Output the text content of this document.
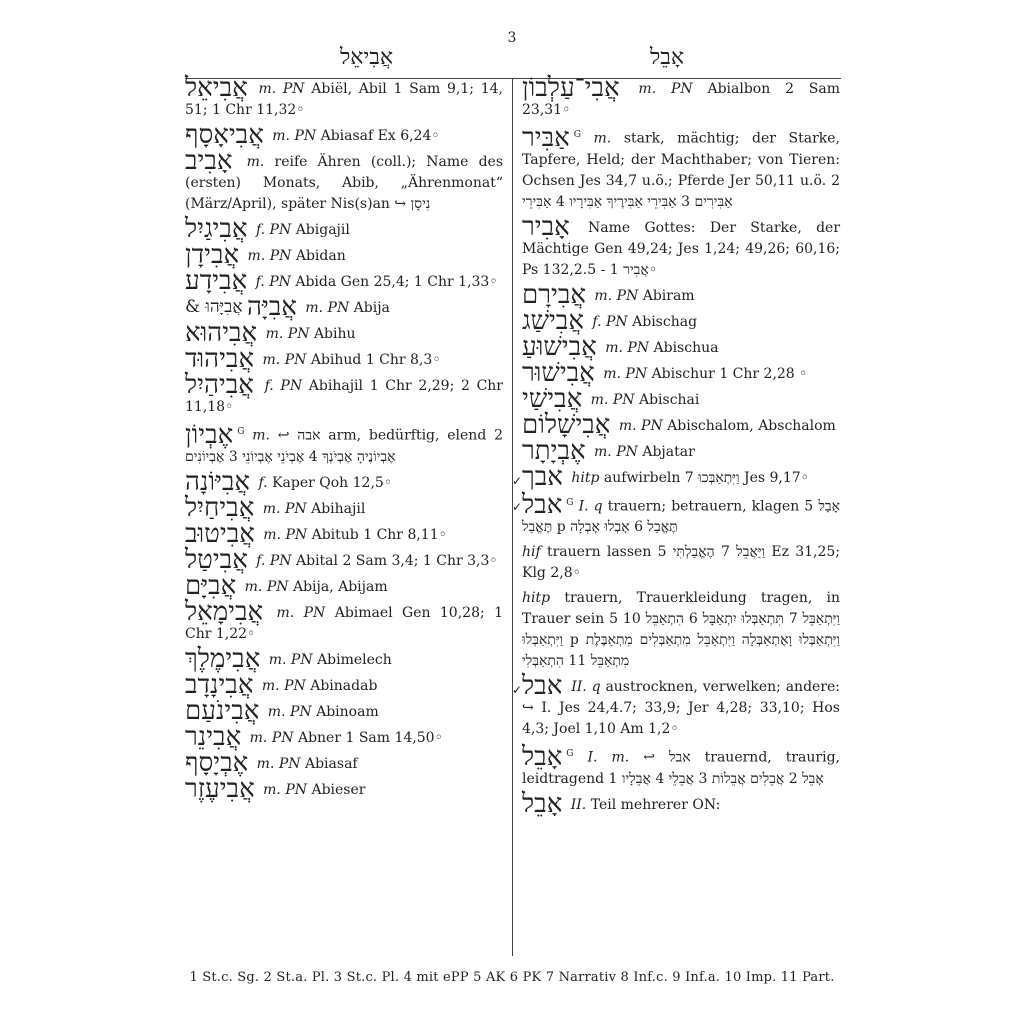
3
אֲבִיאֵל	אָבֵל

אֲבִיאֵל m. PN Abiël, Abil 1 Sam 9,1; 14, 51; 1 Chr 11,32◦

אֲבִיאָסָף m. PN Abiasaf Ex 6,24◦

אָבִיב m. reife Ähren (coll.); Name des (ersten) Monats, Abib, „Ährenmonat“ (März/April), später Nis(s)an ↪ נִיסָן

אֲבִיגַיִל f. PN Abigajil

אֲבִידָן m. PN Abidan

אֲבִידָע f. PN Abida Gen 25,4; 1 Chr 1,33◦

אֲבִיָּהוּ & אֲבִיָּה m. PN Abija

אֲבִיהוּא m. PN Abihu

אֲבִיהוּד m. PN Abihud 1 Chr 8,3◦

אֲבִיהַיִל f. PN Abihajil 1 Chr 2,29; 2 Chr 11,18◦

אֶבְיוֹן $^G$ m. ↩ אבה arm, bedürftig, elend 2 אֶבְיוֹנֶיהָ אֶבְיֹנְךָ 4 אֶבְיֹנֵי אֶבְיוֹנֵי 3 אֶבְיוֹנִים

אֲבִיּוֹנָה f. Kaper Qoh 12,5◦

אֲבִיחַיִל m. PN Abihajil

אֲבִיטוּב m. PN Abitub 1 Chr 8,11◦

אֲבִיטַל f. PN Abital 2 Sam 3,4; 1 Chr 3,3◦

אֲבִיָּם m. PN Abija, Abijam

אֲבִימָאֵל m. PN Abimael Gen 10,28; 1 Chr 1,22◦

אֲבִימֶלֶךְ m. PN Abimelech

אֲבִינָדָב m. PN Abinadab

אֲבִינֹעַם m. PN Abinoam

אֲבִינֵר m. PN Abner 1 Sam 14,50◦

אֶבְיָסָף m. PN Abiasaf

אֲבִיעֶזֶר m. PN Abieser

אֲבִי־עַלְבוֹן m. PN Abialbon 2 Sam 23,31◦

אַבִּיר $^G$ m. stark, mächtig; der Starke, Tapfere, Held; der Machthaber; von Tieren: Ochsen Jes 34,7 u.ö.; Pferde Jer 50,11 u.ö. 2 אַבִּירִים 3 אַבִּירֵי אַבִּירֶיךָ אַבִּירָיו 4 אַבִּירֵי

אָבִיר Name Gottes: Der Starke, der Mächtige Gen 49,24; Jes 1,24; 49,26; 60,16; Ps 132,2.5 - 1 אֲבִיר◦

אֲבִירָם m. PN Abiram

אֲבִישַׁג f. PN Abischag

אֲבִישׁוּעַ m. PN Abischua

אֲבִישׁוּר m. PN Abischur 1 Chr 2,28 ◦

אֲבִישַׁי m. PN Abischai

אֲבִישָׁלוֹם m. PN Abischalom, Abschalom

אֶבְיָתָר m. PN Abjatar

✓ אבך hitp aufwirbeln 7 וַיִּתְאַבְּכוּ Jes 9,17◦

✓ אבל $^G$ I. q trauern; betrauern, klagen 5 אָבַל תֶּאֱבַל p תֶּאֱבַל 6 אָבְלוּ אָבְלָה

hif trauern lassen 5 וַיַּאֲבֵל 7 הֶאֱבַלְתִּי Ez 31,25; Klg 2,8◦

hitp trauern, Trauerkleidung tragen, in Trauer sein 5 וַיִּתְאַבֵּל 7 תִּתְאַבְּלוּ יִתְאַבָּל 6 הִתְאַבֵּל 10 וַיִּתְאַבְּלוּ p וַיִּתְאַבְּלוּ וָאֶתְאַבְּלָה וַיִּתְאַבֵּל מִתְאַבְּלִים מִתְאַבֶּלֶת מִתְאַבֵּל 11 הִתְאַבְּלִי

✓ אבל II. q austrocknen, verwelken; andere: ↪ I. Jes 24,4.7; 33,9; Jer 4,28; 33,10; Hos 4,3; Joel 1,10 Am 1,2◦

אָבֵל $^G$ I. m. ↩ אבל trauernd, traurig, leidtragend 1 אָבֵל 2 אֲבֵלִים אֲבֵלוֹת 3 אֲבֵלֵי 4 אֲבֵלָיו

אָבֵל II. Teil mehrerer ON:

1 St.c. Sg. 2 St.a. Pl. 3 St.c. Pl. 4 mit ePP 5 AK 6 PK 7 Narrativ 8 Inf.c. 9 Inf.a. 10 Imp. 11 Part.
